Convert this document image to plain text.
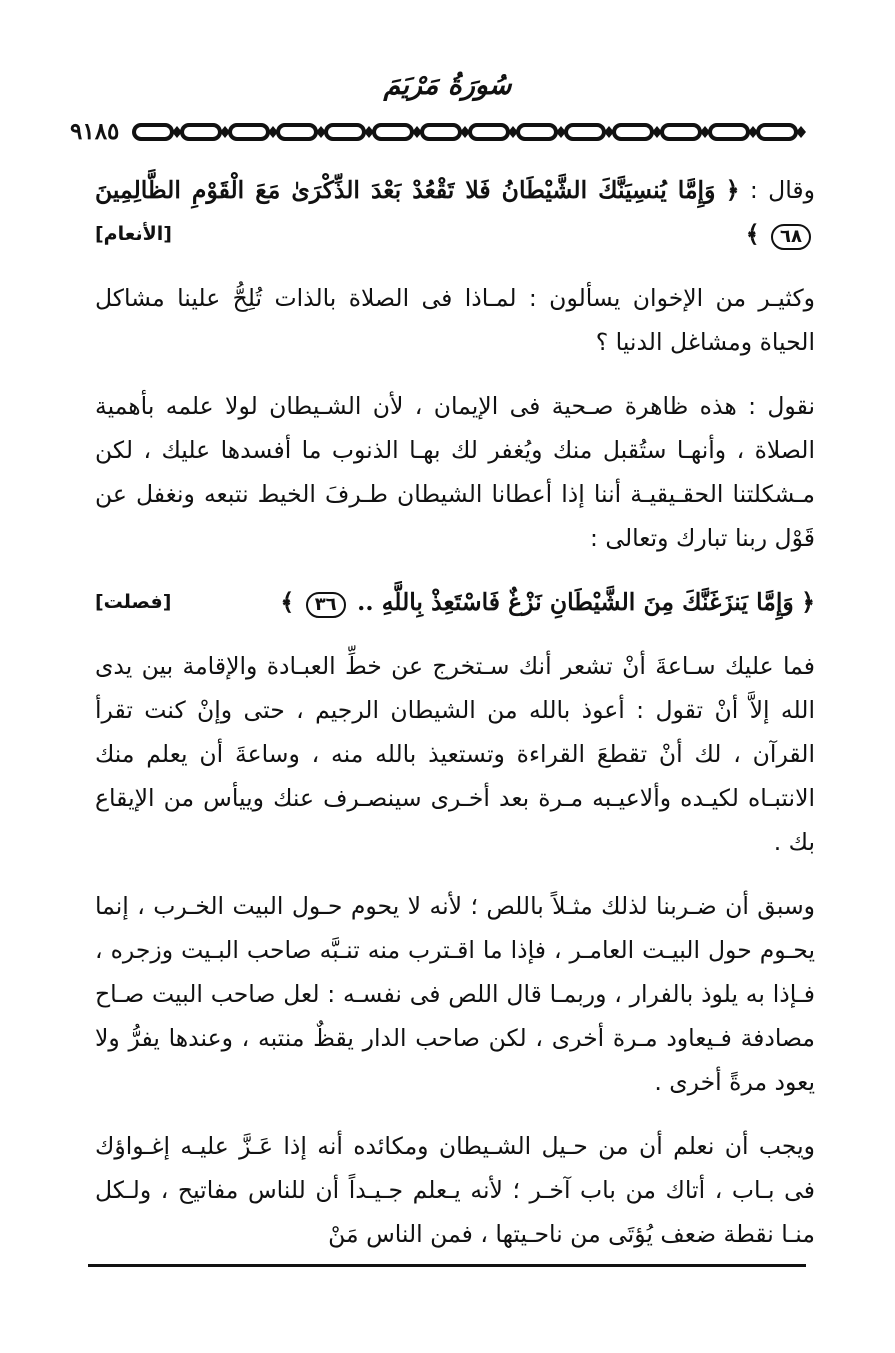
سُورَةُ مَرْيَمَ
٩١٨٥

وقال : ﴿ وَإِمَّا يُنسِيَنَّكَ الشَّيْطَانُ فَلا تَقْعُدْ بَعْدَ الذِّكْرَىٰ مَعَ الْقَوْمِ الظَّالِمِينَ ٦٨ ﴾
[الأنعام]

وكثيـر من الإخوان يسألون : لمـاذا فى الصلاة بالذات تُلِحُّ علينا مشاكل الحياة ومشاغل الدنيا ؟

نقول : هذه ظاهرة صـحية فى الإيمان ، لأن الشـيطان لولا علمه بأهمية الصلاة ، وأنهـا ستُقبل منك ويُغفر لك بهـا الذنوب ما أفسدها عليك ، لكن مـشكلتنا الحقـيقيـة أننا إذا أعطانا الشيطان طـرفَ الخيط نتبعه ونغفل عن قَوْل ربنا تبارك وتعالى :

﴿ وَإِمَّا يَنزَغَنَّكَ مِنَ الشَّيْطَانِ نَزْغٌ فَاسْتَعِذْ بِاللَّهِ .. ٣٦ ﴾
[فصلت]

فما عليك سـاعةَ أنْ تشعر أنك سـتخرج عن خطِّ العبـادة والإقامة بين يدى الله إلاَّ أنْ تقول : أعوذ بالله من الشيطان الرجيم ، حتى وإنْ كنت تقرأ القرآن ، لك أنْ تقطعَ القراءة وتستعيذ بالله منه ، وساعةَ أن يعلم منك الانتبـاه لكيـده وألاعيـبه مـرة بعد أخـرى سينصـرف عنك وييأس من الإيقاع بك .

وسبق أن ضـربنا لذلك مثـلاً باللص ؛ لأنه لا يحوم حـول البيت الخـرب ، إنما يحـوم حول البيـت العامـر ، فإذا ما اقـترب منه تنـبَّه صاحب البـيت وزجره ، فـإذا به يلوذ بالفرار ، وربمـا قال اللص فى نفسـه : لعل صاحب البيت صـاح مصادفة فـيعاود مـرة أخرى ، لكن صاحب الدار يقظٌ منتبه ، وعندها يفرُّ ولا يعود مرةً أخرى .

ويجب أن نعلم أن من حـيل الشـيطان ومكائده أنه إذا عَـزَّ عليـه إغـواؤك فى بـاب ، أتاك من باب آخـر ؛ لأنه يـعلم جـيـداً أن للناس مفاتيح ، ولـكل منـا نقطة ضعف يُؤتَى من ناحـيتها ، فمن الناس مَنْ
